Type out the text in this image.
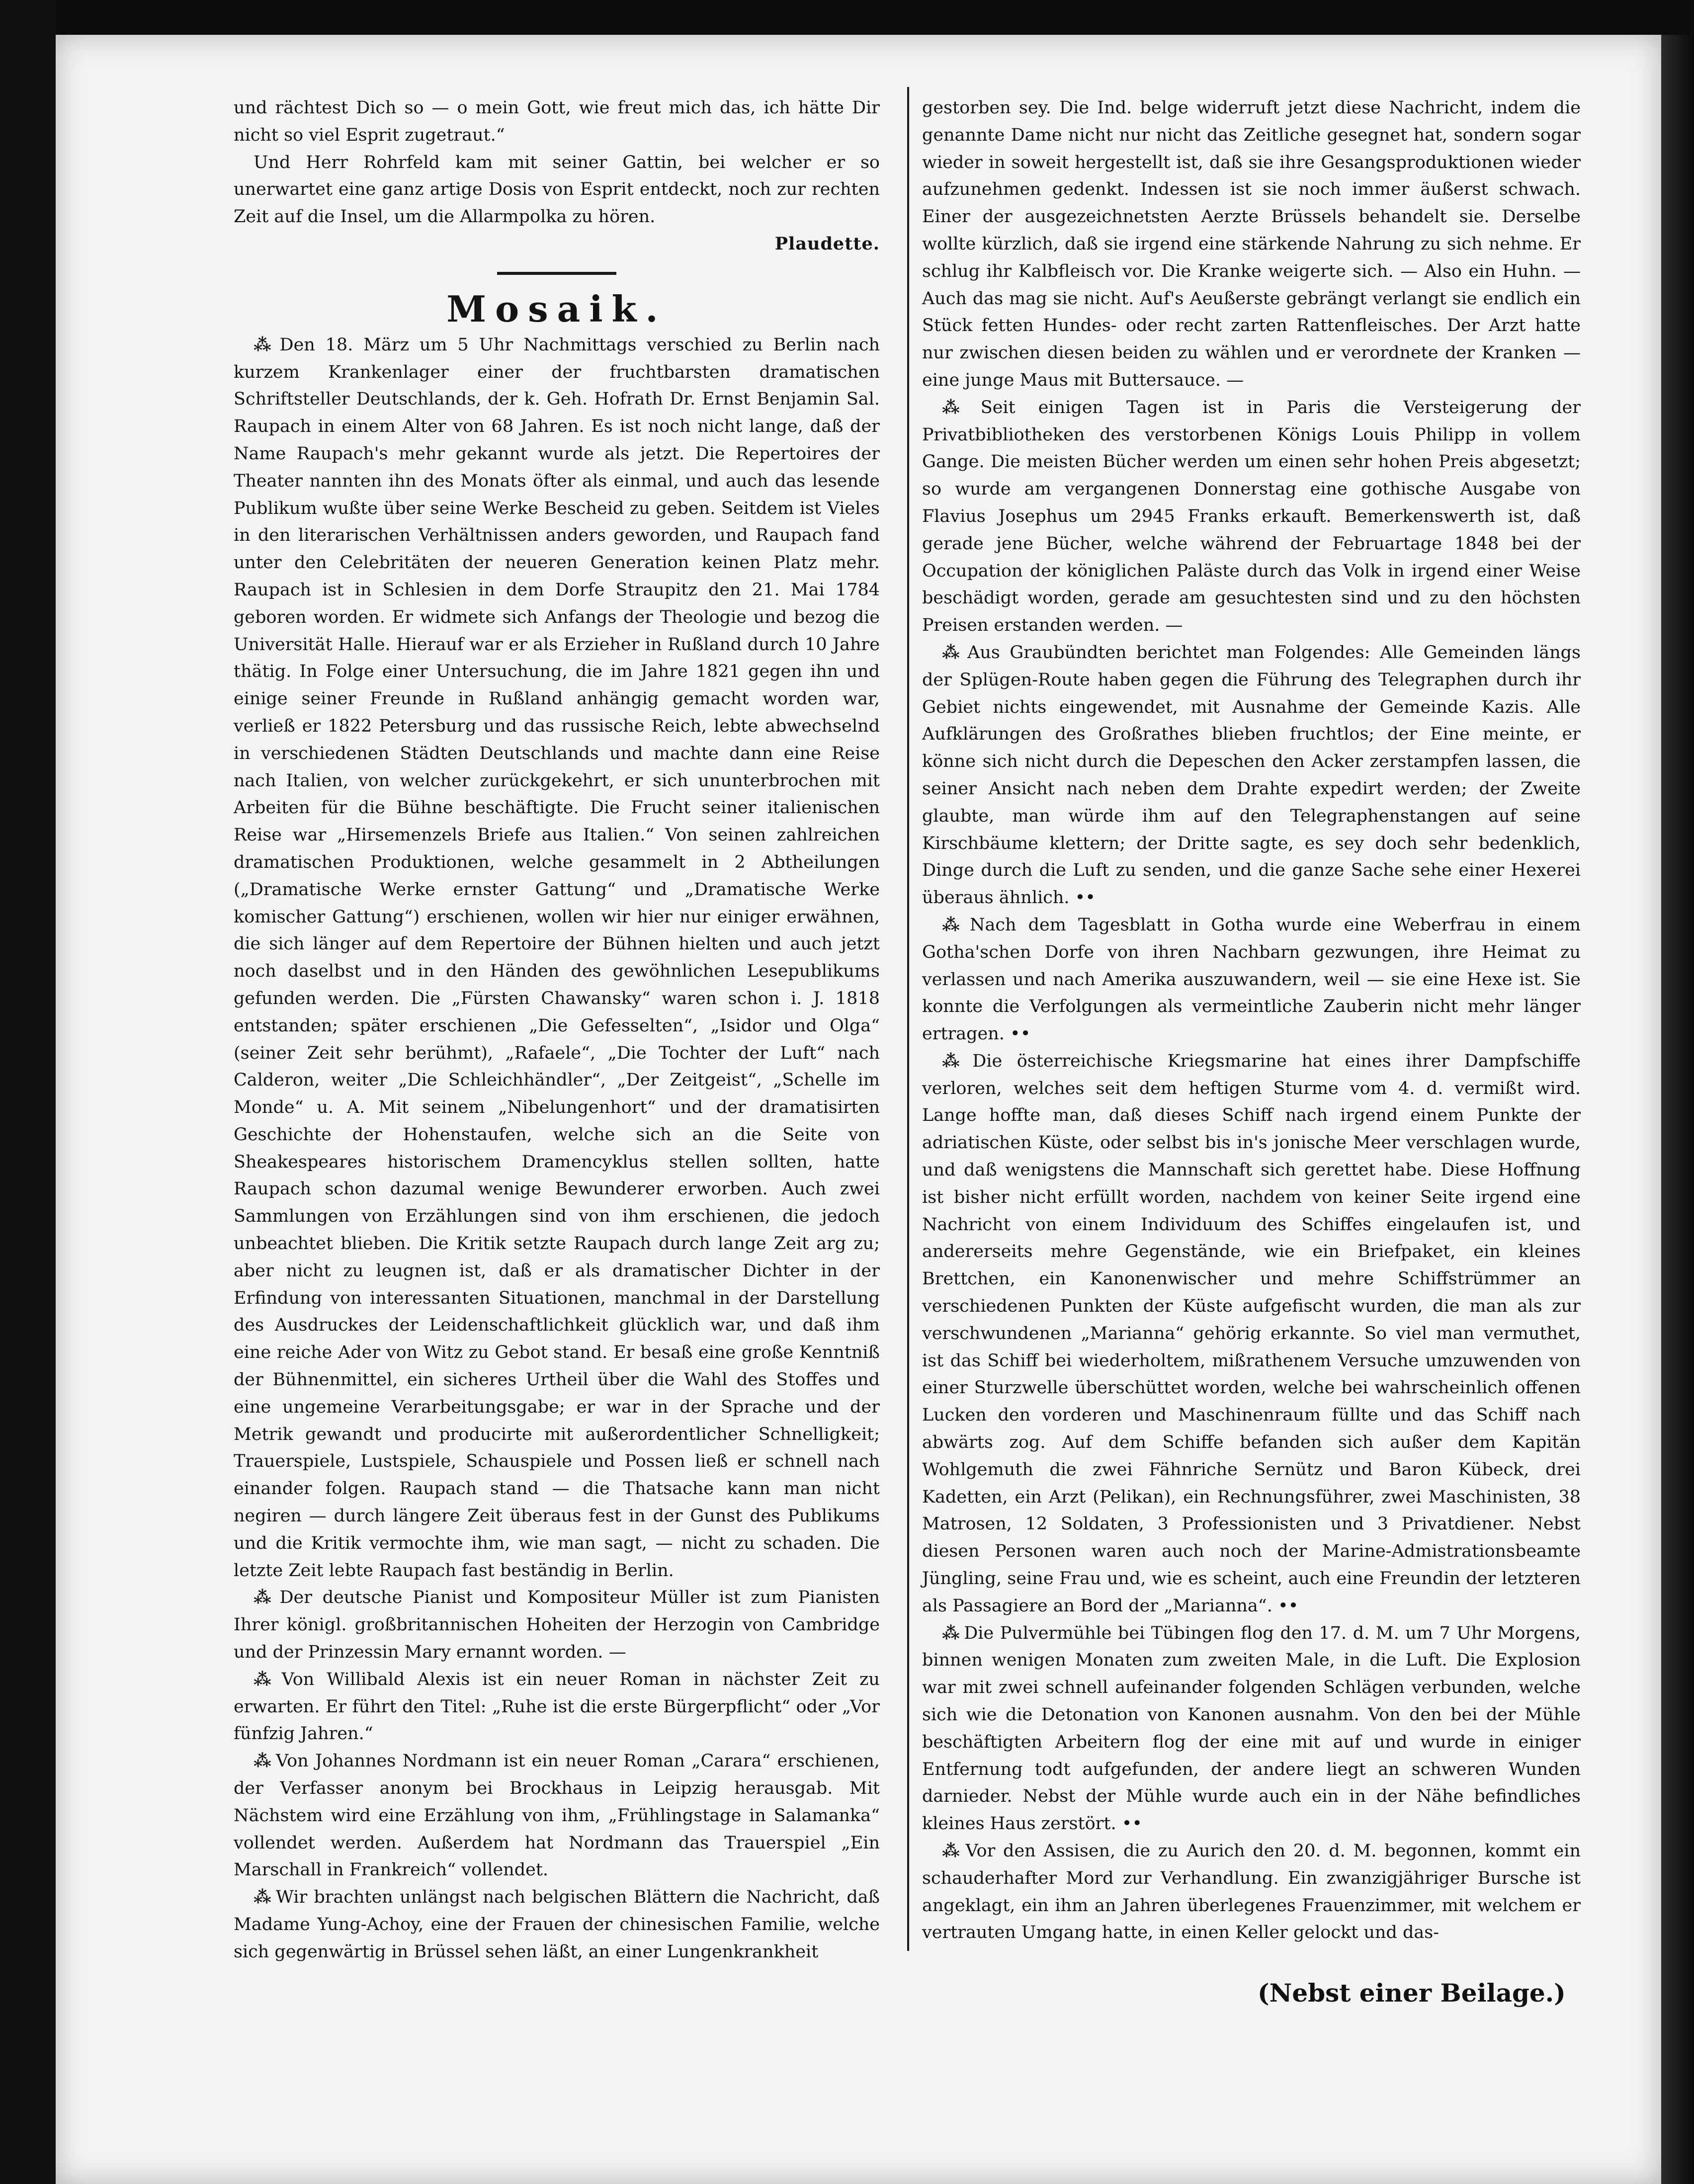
und rächtest Dich so — o mein Gott, wie freut mich das, ich hätte Dir nicht so viel Esprit zugetraut.“

Und Herr Rohrfeld kam mit seiner Gattin, bei welcher er so unerwartet eine ganz artige Dosis von Esprit entdeckt, noch zur rechten Zeit auf die Insel, um die Allarmpolka zu hören.

Plaudette.

Mosaik.

⁂ Den 18. März um 5 Uhr Nachmittags verschied zu Berlin nach kurzem Krankenlager einer der fruchtbarsten dramatischen Schriftsteller Deutschlands, der k. Geh. Hofrath Dr. Ernst Benjamin Sal. Raupach in einem Alter von 68 Jahren. Es ist noch nicht lange, daß der Name Raupach's mehr gekannt wurde als jetzt. Die Repertoires der Theater nannten ihn des Monats öfter als einmal, und auch das lesende Publikum wußte über seine Werke Bescheid zu geben. Seitdem ist Vieles in den literarischen Verhältnissen anders geworden, und Raupach fand unter den Celebritäten der neueren Generation keinen Platz mehr. Raupach ist in Schlesien in dem Dorfe Straupitz den 21. Mai 1784 geboren worden. Er widmete sich Anfangs der Theologie und bezog die Universität Halle. Hierauf war er als Erzieher in Rußland durch 10 Jahre thätig. In Folge einer Untersuchung, die im Jahre 1821 gegen ihn und einige seiner Freunde in Rußland anhängig gemacht worden war, verließ er 1822 Petersburg und das russische Reich, lebte abwechselnd in verschiedenen Städten Deutschlands und machte dann eine Reise nach Italien, von welcher zurückgekehrt, er sich ununterbrochen mit Arbeiten für die Bühne beschäftigte. Die Frucht seiner italienischen Reise war „Hirsemenzels Briefe aus Italien.“ Von seinen zahlreichen dramatischen Produktionen, welche gesammelt in 2 Abtheilungen („Dramatische Werke ernster Gattung“ und „Dramatische Werke komischer Gattung“) erschienen, wollen wir hier nur einiger erwähnen, die sich länger auf dem Repertoire der Bühnen hielten und auch jetzt noch daselbst und in den Händen des gewöhnlichen Lesepublikums gefunden werden. Die „Fürsten Chawansky“ waren schon i. J. 1818 entstanden; später erschienen „Die Gefesselten“, „Isidor und Olga“ (seiner Zeit sehr berühmt), „Rafaele“, „Die Tochter der Luft“ nach Calderon, weiter „Die Schleichhändler“, „Der Zeitgeist“, „Schelle im Monde“ u. A. Mit seinem „Nibelungenhort“ und der dramatisirten Geschichte der Hohenstaufen, welche sich an die Seite von Sheakespeares historischem Dramencyklus stellen sollten, hatte Raupach schon dazumal wenige Bewunderer erworben. Auch zwei Sammlungen von Erzählungen sind von ihm erschienen, die jedoch unbeachtet blieben. Die Kritik setzte Raupach durch lange Zeit arg zu; aber nicht zu leugnen ist, daß er als dramatischer Dichter in der Erfindung von interessanten Situationen, manchmal in der Darstellung des Ausdruckes der Leidenschaftlichkeit glücklich war, und daß ihm eine reiche Ader von Witz zu Gebot stand. Er besaß eine große Kenntniß der Bühnenmittel, ein sicheres Urtheil über die Wahl des Stoffes und eine ungemeine Verarbeitungsgabe; er war in der Sprache und der Metrik gewandt und producirte mit außerordentlicher Schnelligkeit; Trauerspiele, Lustspiele, Schauspiele und Possen ließ er schnell nach einander folgen. Raupach stand — die Thatsache kann man nicht negiren — durch längere Zeit überaus fest in der Gunst des Publikums und die Kritik vermochte ihm, wie man sagt, — nicht zu schaden. Die letzte Zeit lebte Raupach fast beständig in Berlin.

⁂ Der deutsche Pianist und Kompositeur Müller ist zum Pianisten Ihrer königl. großbritannischen Hoheiten der Herzogin von Cambridge und der Prinzessin Mary ernannt worden. —

⁂ Von Willibald Alexis ist ein neuer Roman in nächster Zeit zu erwarten. Er führt den Titel: „Ruhe ist die erste Bürgerpflicht“ oder „Vor fünfzig Jahren.“

⁂ Von Johannes Nordmann ist ein neuer Roman „Carara“ erschienen, der Verfasser anonym bei Brockhaus in Leipzig herausgab. Mit Nächstem wird eine Erzählung von ihm, „Frühlingstage in Salamanka“ vollendet werden. Außerdem hat Nordmann das Trauerspiel „Ein Marschall in Frankreich“ vollendet.

⁂ Wir brachten unlängst nach belgischen Blättern die Nachricht, daß Madame Yung-Achoy, eine der Frauen der chinesischen Familie, welche sich gegenwärtig in Brüssel sehen läßt, an einer Lungenkrankheit

gestorben sey. Die Ind. belge widerruft jetzt diese Nachricht, indem die genannte Dame nicht nur nicht das Zeitliche gesegnet hat, sondern sogar wieder in soweit hergestellt ist, daß sie ihre Gesangsproduktionen wieder aufzunehmen gedenkt. Indessen ist sie noch immer äußerst schwach. Einer der ausgezeichnetsten Aerzte Brüssels behandelt sie. Derselbe wollte kürzlich, daß sie irgend eine stärkende Nahrung zu sich nehme. Er schlug ihr Kalbfleisch vor. Die Kranke weigerte sich. — Also ein Huhn. — Auch das mag sie nicht. Auf's Aeußerste gebrängt verlangt sie endlich ein Stück fetten Hundes- oder recht zarten Rattenfleisches. Der Arzt hatte nur zwischen diesen beiden zu wählen und er verordnete der Kranken — eine junge Maus mit Buttersauce. —

⁂ Seit einigen Tagen ist in Paris die Versteigerung der Privatbibliotheken des verstorbenen Königs Louis Philipp in vollem Gange. Die meisten Bücher werden um einen sehr hohen Preis abgesetzt; so wurde am vergangenen Donnerstag eine gothische Ausgabe von Flavius Josephus um 2945 Franks erkauft. Bemerkenswerth ist, daß gerade jene Bücher, welche während der Februartage 1848 bei der Occupation der königlichen Paläste durch das Volk in irgend einer Weise beschädigt worden, gerade am gesuchtesten sind und zu den höchsten Preisen erstanden werden. —

⁂ Aus Graubündten berichtet man Folgendes: Alle Gemeinden längs der Splügen-Route haben gegen die Führung des Telegraphen durch ihr Gebiet nichts eingewendet, mit Ausnahme der Gemeinde Kazis. Alle Aufklärungen des Großrathes blieben fruchtlos; der Eine meinte, er könne sich nicht durch die Depeschen den Acker zerstampfen lassen, die seiner Ansicht nach neben dem Drahte expedirt werden; der Zweite glaubte, man würde ihm auf den Telegraphenstangen auf seine Kirschbäume klettern; der Dritte sagte, es sey doch sehr bedenklich, Dinge durch die Luft zu senden, und die ganze Sache sehe einer Hexerei überaus ähnlich. ••

⁂ Nach dem Tagesblatt in Gotha wurde eine Weberfrau in einem Gotha'schen Dorfe von ihren Nachbarn gezwungen, ihre Heimat zu verlassen und nach Amerika auszuwandern, weil — sie eine Hexe ist. Sie konnte die Verfolgungen als vermeintliche Zauberin nicht mehr länger ertragen. ••

⁂ Die österreichische Kriegsmarine hat eines ihrer Dampfschiffe verloren, welches seit dem heftigen Sturme vom 4. d. vermißt wird. Lange hoffte man, daß dieses Schiff nach irgend einem Punkte der adriatischen Küste, oder selbst bis in's jonische Meer verschlagen wurde, und daß wenigstens die Mannschaft sich gerettet habe. Diese Hoffnung ist bisher nicht erfüllt worden, nachdem von keiner Seite irgend eine Nachricht von einem Individuum des Schiffes eingelaufen ist, und andererseits mehre Gegenstände, wie ein Briefpaket, ein kleines Brettchen, ein Kanonenwischer und mehre Schiffstrümmer an verschiedenen Punkten der Küste aufgefischt wurden, die man als zur verschwundenen „Marianna“ gehörig erkannte. So viel man vermuthet, ist das Schiff bei wiederholtem, mißrathenem Versuche umzuwenden von einer Sturzwelle überschüttet worden, welche bei wahrscheinlich offenen Lucken den vorderen und Maschinenraum füllte und das Schiff nach abwärts zog. Auf dem Schiffe befanden sich außer dem Kapitän Wohlgemuth die zwei Fähnriche Sernütz und Baron Kübeck, drei Kadetten, ein Arzt (Pelikan), ein Rechnungsführer, zwei Maschinisten, 38 Matrosen, 12 Soldaten, 3 Professionisten und 3 Privatdiener. Nebst diesen Personen waren auch noch der Marine-Admistrationsbeamte Jüngling, seine Frau und, wie es scheint, auch eine Freundin der letzteren als Passagiere an Bord der „Marianna“. ••

⁂ Die Pulvermühle bei Tübingen flog den 17. d. M. um 7 Uhr Morgens, binnen wenigen Monaten zum zweiten Male, in die Luft. Die Explosion war mit zwei schnell aufeinander folgenden Schlägen verbunden, welche sich wie die Detonation von Kanonen ausnahm. Von den bei der Mühle beschäftigten Arbeitern flog der eine mit auf und wurde in einiger Entfernung todt aufgefunden, der andere liegt an schweren Wunden darnieder. Nebst der Mühle wurde auch ein in der Nähe befindliches kleines Haus zerstört. ••

⁂ Vor den Assisen, die zu Aurich den 20. d. M. begonnen, kommt ein schauderhafter Mord zur Verhandlung. Ein zwanzigjähriger Bursche ist angeklagt, ein ihm an Jahren überlegenes Frauenzimmer, mit welchem er vertrauten Umgang hatte, in einen Keller gelockt und das-

(Nebst einer Beilage.)
